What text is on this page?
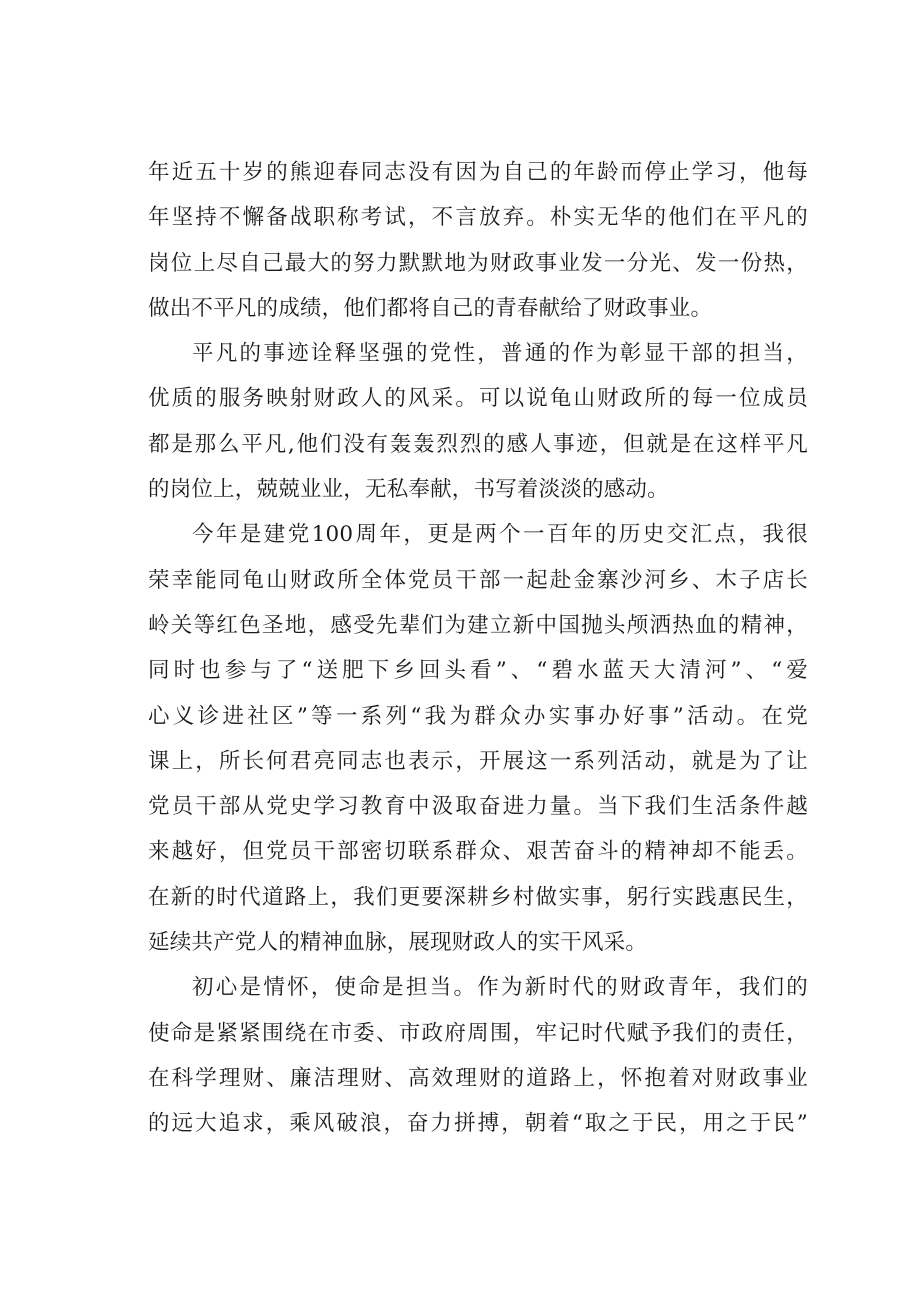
年近五十岁的熊迎春同志没有因为自己的年龄而停止学习，他每
年坚持不懈备战职称考试，不言放弃。朴实无华的他们在平凡的
岗位上尽自己最大的努力默默地为财政事业发一分光、发一份热，
做出不平凡的成绩，他们都将自己的青春献给了财政事业。
平凡的事迹诠释坚强的党性，普通的作为彰显干部的担当，
优质的服务映射财政人的风采。可以说龟山财政所的每一位成员
都是那么平凡,他们没有轰轰烈烈的感人事迹，但就是在这样平凡
的岗位上，兢兢业业，无私奉献，书写着淡淡的感动。
今年是建党100周年，更是两个一百年的历史交汇点，我很
荣幸能同龟山财政所全体党员干部一起赴金寨沙河乡、木子店长
岭关等红色圣地，感受先辈们为建立新中国抛头颅洒热血的精神，
同时也参与了“送肥下乡回头看”、“碧水蓝天大清河”、“爱
心义诊进社区”等一系列“我为群众办实事办好事”活动。在党
课上，所长何君亮同志也表示，开展这一系列活动，就是为了让
党员干部从党史学习教育中汲取奋进力量。当下我们生活条件越
来越好，但党员干部密切联系群众、艰苦奋斗的精神却不能丢。
在新的时代道路上，我们更要深耕乡村做实事，躬行实践惠民生，
延续共产党人的精神血脉，展现财政人的实干风采。
初心是情怀，使命是担当。作为新时代的财政青年，我们的
使命是紧紧围绕在市委、市政府周围，牢记时代赋予我们的责任，
在科学理财、廉洁理财、高效理财的道路上，怀抱着对财政事业
的远大追求，乘风破浪，奋力拼搏，朝着“取之于民，用之于民”
